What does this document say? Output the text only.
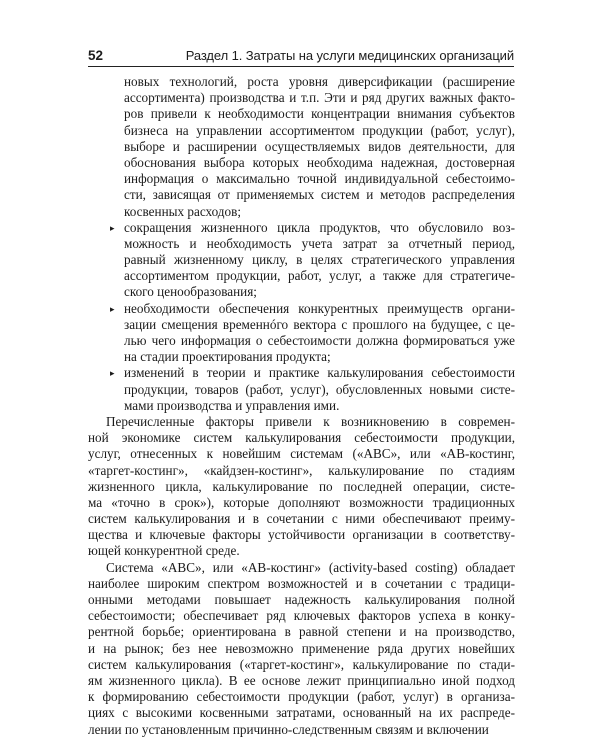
52	Раздел 1. Затраты на услуги медицинских организаций
новых технологий, роста уровня диверсификации (расширение
ассортимента) производства и т.п. Эти и ряд других важных факто-
ров привели к необходимости концентрации внимания субъектов
бизнеса на управлении ассортиментом продукции (работ, услуг),
выборе и расширении осуществляемых видов деятельности, для
обоснования выбора которых необходима надежная, достоверная
информация о максимально точной индивидуальной себестоимо-
сти, зависящая от применяемых систем и методов распределения
косвенных расходов;
сокращения жизненного цикла продуктов, что обусловило воз-
▸
можность и необходимость учета затрат за отчетный период,
равный жизненному циклу, в целях стратегического управления
ассортиментом продукции, работ, услуг, а также для стратегиче-
ского ценообразования;
необходимости обеспечения конкурентных преимуществ органи-
▸
зации смещения временнóго вектора с прошлого на будущее, с це-
лью чего информация о себестоимости должна формироваться уже
на стадии проектирования продукта;
изменений в теории и практике калькулирования себестоимости
▸
продукции, товаров (работ, услуг), обусловленных новыми систе-
мами производства и управления ими.
Перечисленные факторы привели к возникновению в современ-
ной экономике систем калькулирования себестоимости продукции,
услуг, отнесенных к новейшим системам («ABC», или «АВ-костинг,
«таргет-костинг», «кайдзен-костинг», калькулирование по стадиям
жизненного цикла, калькулирование по последней операции, систе-
ма «точно в срок»), которые дополняют возможности традиционных
систем калькулирования и в сочетании с ними обеспечивают преиму-
щества и ключевые факторы устойчивости организации в соответству-
ющей конкурентной среде.
Система «ABC», или «АВ-костинг» (activity-based costing) обладает
наиболее широким спектром возможностей и в сочетании с традици-
онными методами повышает надежность калькулирования полной
себестоимости; обеспечивает ряд ключевых факторов успеха в конку-
рентной борьбе; ориентирована в равной степени и на производство,
и на рынок; без нее невозможно применение ряда других новейших
систем калькулирования («таргет-костинг», калькулирование по стади-
ям жизненного цикла). В ее основе лежит принципиально иной подход
к формированию себестоимости продукции (работ, услуг) в организа-
циях с высокими косвенными затратами, основанный на их распреде-
лении по установленным причинно-следственным связям и включении
